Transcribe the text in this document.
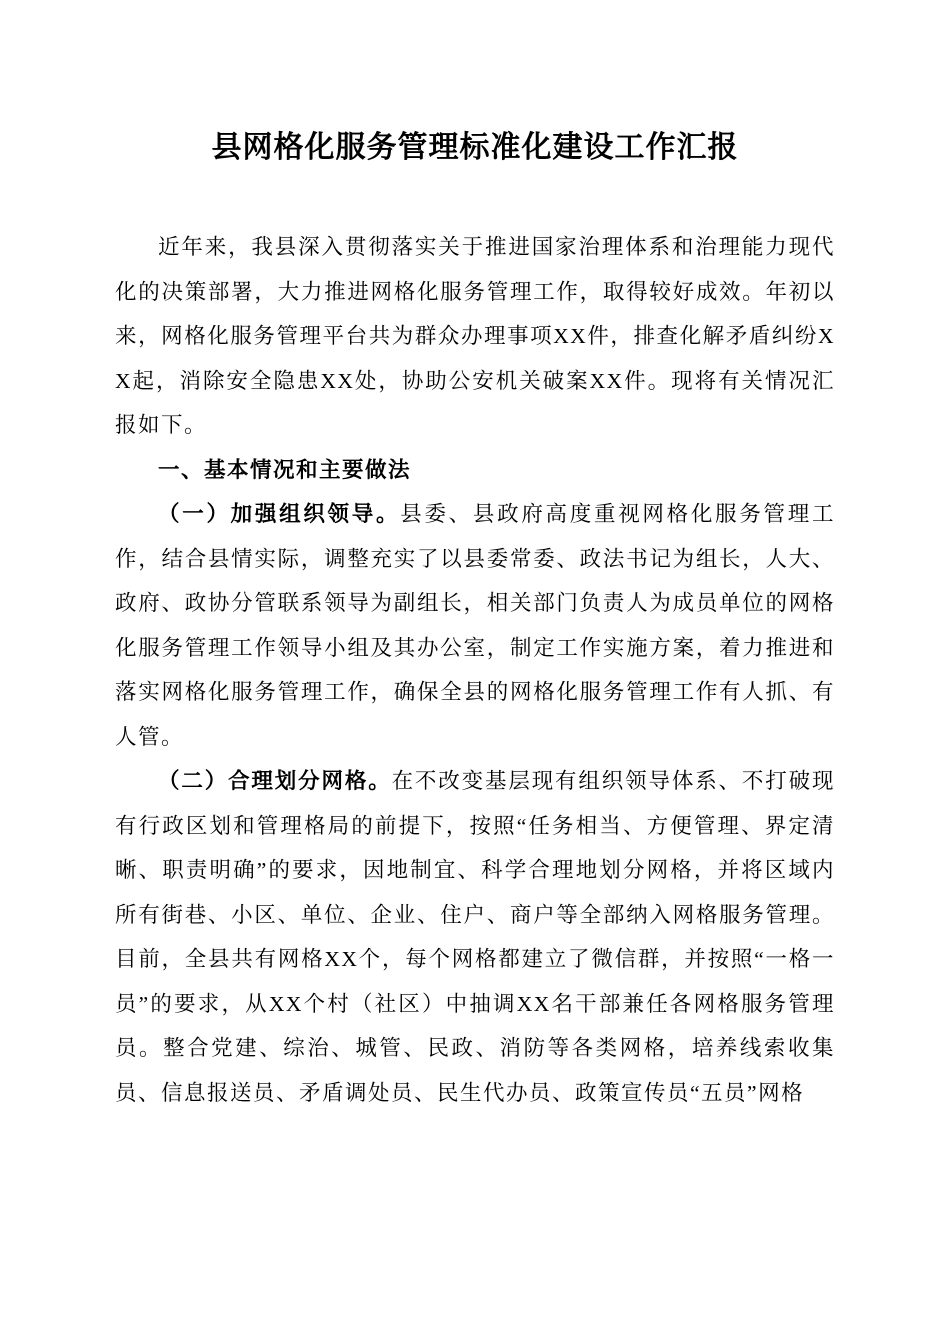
县网格化服务管理标准化建设工作汇报

近年来，我县深入贯彻落实关于推进国家治理体系和治理能力现代化的决策部署，大力推进网格化服务管理工作，取得较好成效。年初以来，网格化服务管理平台共为群众办理事项XX件，排查化解矛盾纠纷XX起，消除安全隐患XX处，协助公安机关破案XX件。现将有关情况汇报如下。

一、基本情况和主要做法

（一）加强组织领导。县委、县政府高度重视网格化服务管理工作，结合县情实际，调整充实了以县委常委、政法书记为组长，人大、政府、政协分管联系领导为副组长，相关部门负责人为成员单位的网格化服务管理工作领导小组及其办公室，制定工作实施方案，着力推进和落实网格化服务管理工作，确保全县的网格化服务管理工作有人抓、有人管。

（二）合理划分网格。在不改变基层现有组织领导体系、不打破现有行政区划和管理格局的前提下，按照“任务相当、方便管理、界定清晰、职责明确”的要求，因地制宜、科学合理地划分网格，并将区域内所有街巷、小区、单位、企业、住户、商户等全部纳入网格服务管理。目前，全县共有网格XX个，每个网格都建立了微信群，并按照“一格一员”的要求，从XX个村（社区）中抽调XX名干部兼任各网格服务管理员。整合党建、综治、城管、民政、消防等各类网格，培养线索收集员、信息报送员、矛盾调处员、民生代办员、政策宣传员“五员”网格
